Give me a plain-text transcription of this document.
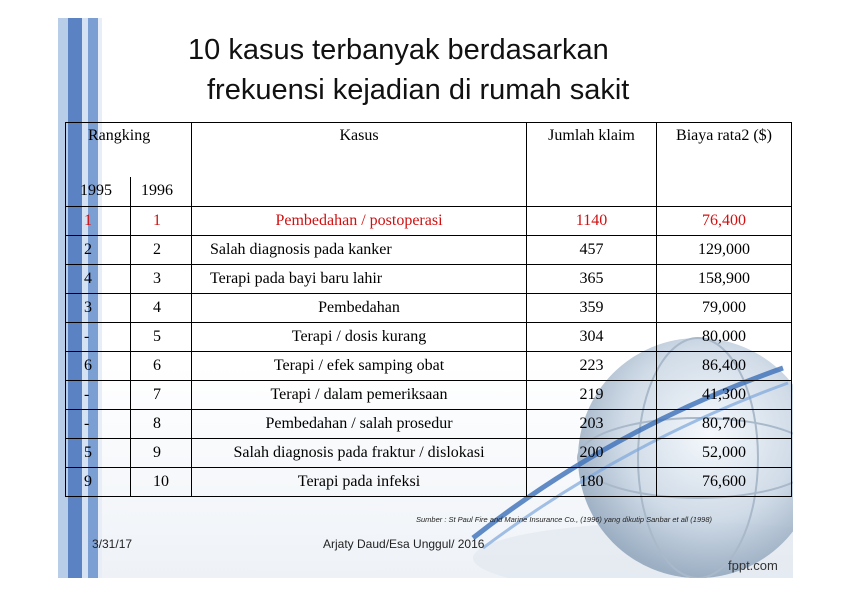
10 kasus terbanyak berdasarkan
frekuensi kejadian di rumah sakit
Rangking		Kasus	Jumlah klaim	Biaya rata2 ($)
1995	1996			
1	1	Pembedahan / postoperasi	1140	76,400
2	2	Salah diagnosis pada kanker	457	129,000
4	3	Terapi pada bayi baru lahir	365	158,900
3	4	Pembedahan	359	79,000
-	5	Terapi / dosis kurang	304	80,000
6	6	Terapi / efek samping obat	223	86,400
-	7	Terapi / dalam pemeriksaan	219	41,300
-	8	Pembedahan / salah prosedur	203	80,700
5	9	Salah diagnosis pada fraktur / dislokasi	200	52,000
9	10	Terapi pada infeksi	180	76,600
Sumber : St Paul Fire and Marine Insurance Co., (1996) yang dikutip Sanbar et all (1998)
3/31/17	Arjaty Daud/Esa Unggul/ 2016
fppt.com
